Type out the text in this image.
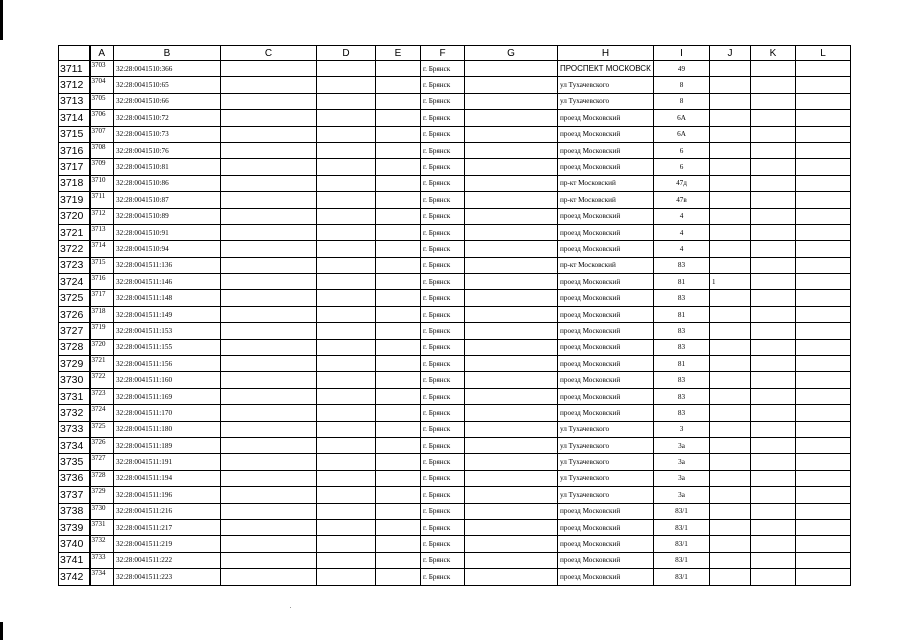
	A	B	C	D	E	F	G	H	I	J	K	L
3711	3703	32:28:0041510:366				г. Брянск		ПРОСПЕКТ МОСКОВСК	49			
3712	3704	32:28:0041510:65				г. Брянск		ул Тухачевского	8			
3713	3705	32:28:0041510:66				г. Брянск		ул Тухачевского	8			
3714	3706	32:28:0041510:72				г. Брянск		проезд Московский	6А			
3715	3707	32:28:0041510:73				г. Брянск		проезд Московский	6А			
3716	3708	32:28:0041510:76				г. Брянск		проезд Московский	6			
3717	3709	32:28:0041510:81				г. Брянск		проезд Московский	6			
3718	3710	32:28:0041510:86				г. Брянск		пр-кт Московский	47д			
3719	3711	32:28:0041510:87				г. Брянск		пр-кт Московский	47в			
3720	3712	32:28:0041510:89				г. Брянск		проезд Московский	4			
3721	3713	32:28:0041510:91				г. Брянск		проезд Московский	4			
3722	3714	32:28:0041510:94				г. Брянск		проезд Московский	4			
3723	3715	32:28:0041511:136				г. Брянск		пр-кт Московский	83			
3724	3716	32:28:0041511:146				г. Брянск		проезд Московский	81	1		
3725	3717	32:28:0041511:148				г. Брянск		проезд Московский	83			
3726	3718	32:28:0041511:149				г. Брянск		проезд Московский	81			
3727	3719	32:28:0041511:153				г. Брянск		проезд Московский	83			
3728	3720	32:28:0041511:155				г. Брянск		проезд Московский	83			
3729	3721	32:28:0041511:156				г. Брянск		проезд Московский	81			
3730	3722	32:28:0041511:160				г. Брянск		проезд Московский	83			
3731	3723	32:28:0041511:169				г. Брянск		проезд Московский	83			
3732	3724	32:28:0041511:170				г. Брянск		проезд Московский	83			
3733	3725	32:28:0041511:180				г. Брянск		ул Тухачевского	3			
3734	3726	32:28:0041511:189				г. Брянск		ул Тухачевского	3а			
3735	3727	32:28:0041511:191				г. Брянск		ул Тухачевского	3а			
3736	3728	32:28:0041511:194				г. Брянск		ул Тухачевского	3а			
3737	3729	32:28:0041511:196				г. Брянск		ул Тухачевского	3а			
3738	3730	32:28:0041511:216				г. Брянск		проезд Московский	83/1			
3739	3731	32:28:0041511:217				г. Брянск		проезд Московский	83/1			
3740	3732	32:28:0041511:219				г. Брянск		проезд Московский	83/1			
3741	3733	32:28:0041511:222				г. Брянск		проезд Московский	83/1			
3742	3734	32:28:0041511:223				г. Брянск		проезд Московский	83/1			
